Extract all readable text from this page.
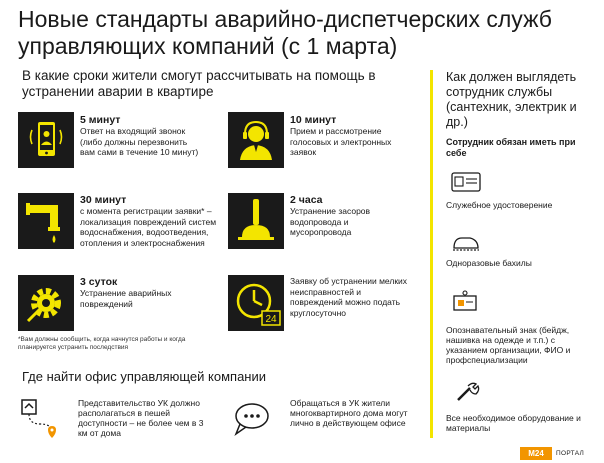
Новые стандарты аварийно-диспетчерских служб управляющих компаний (с 1 марта)
В какие сроки жители смогут рассчитывать на помощь в устранении аварии в квартире
5 минут
Ответ на входящий звонок (либо должны перезвонить вам сами в течение 10 минут)
10 минут
Прием и рассмотрение голосовых и электронных заявок
30 минут
с момента регистрации заявки* – локализация повреждений систем водоснабжения, водоотведения, отопления и электроснабжения
2 часа
Устранение засоров водопровода и мусоропровода
3 суток
Устранение аварийных повреждений
24
Заявку об устранении мелких неисправностей и повреждений можно подать круглосуточно
*Вам должны сообщить, когда начнутся работы и когда планируется устранить последствия
Где найти офис управляющей компании
Представительство УК должно располагаться в пешей доступности – не более чем в 3 км от дома
Обращаться в УК жители многоквартирного дома могут лично в действующем офисе
Как должен выглядеть сотрудник службы (сантехник, электрик и др.)
Сотрудник обязан иметь при себе
Служебное удостоверение
Одноразовые бахилы
Опознавательный знак (бейдж, нашивка на одежде и т.п.) с указанием организации, ФИО и профспециализации
Все необходимое оборудование и материалы
М24	ПОРТАЛ
